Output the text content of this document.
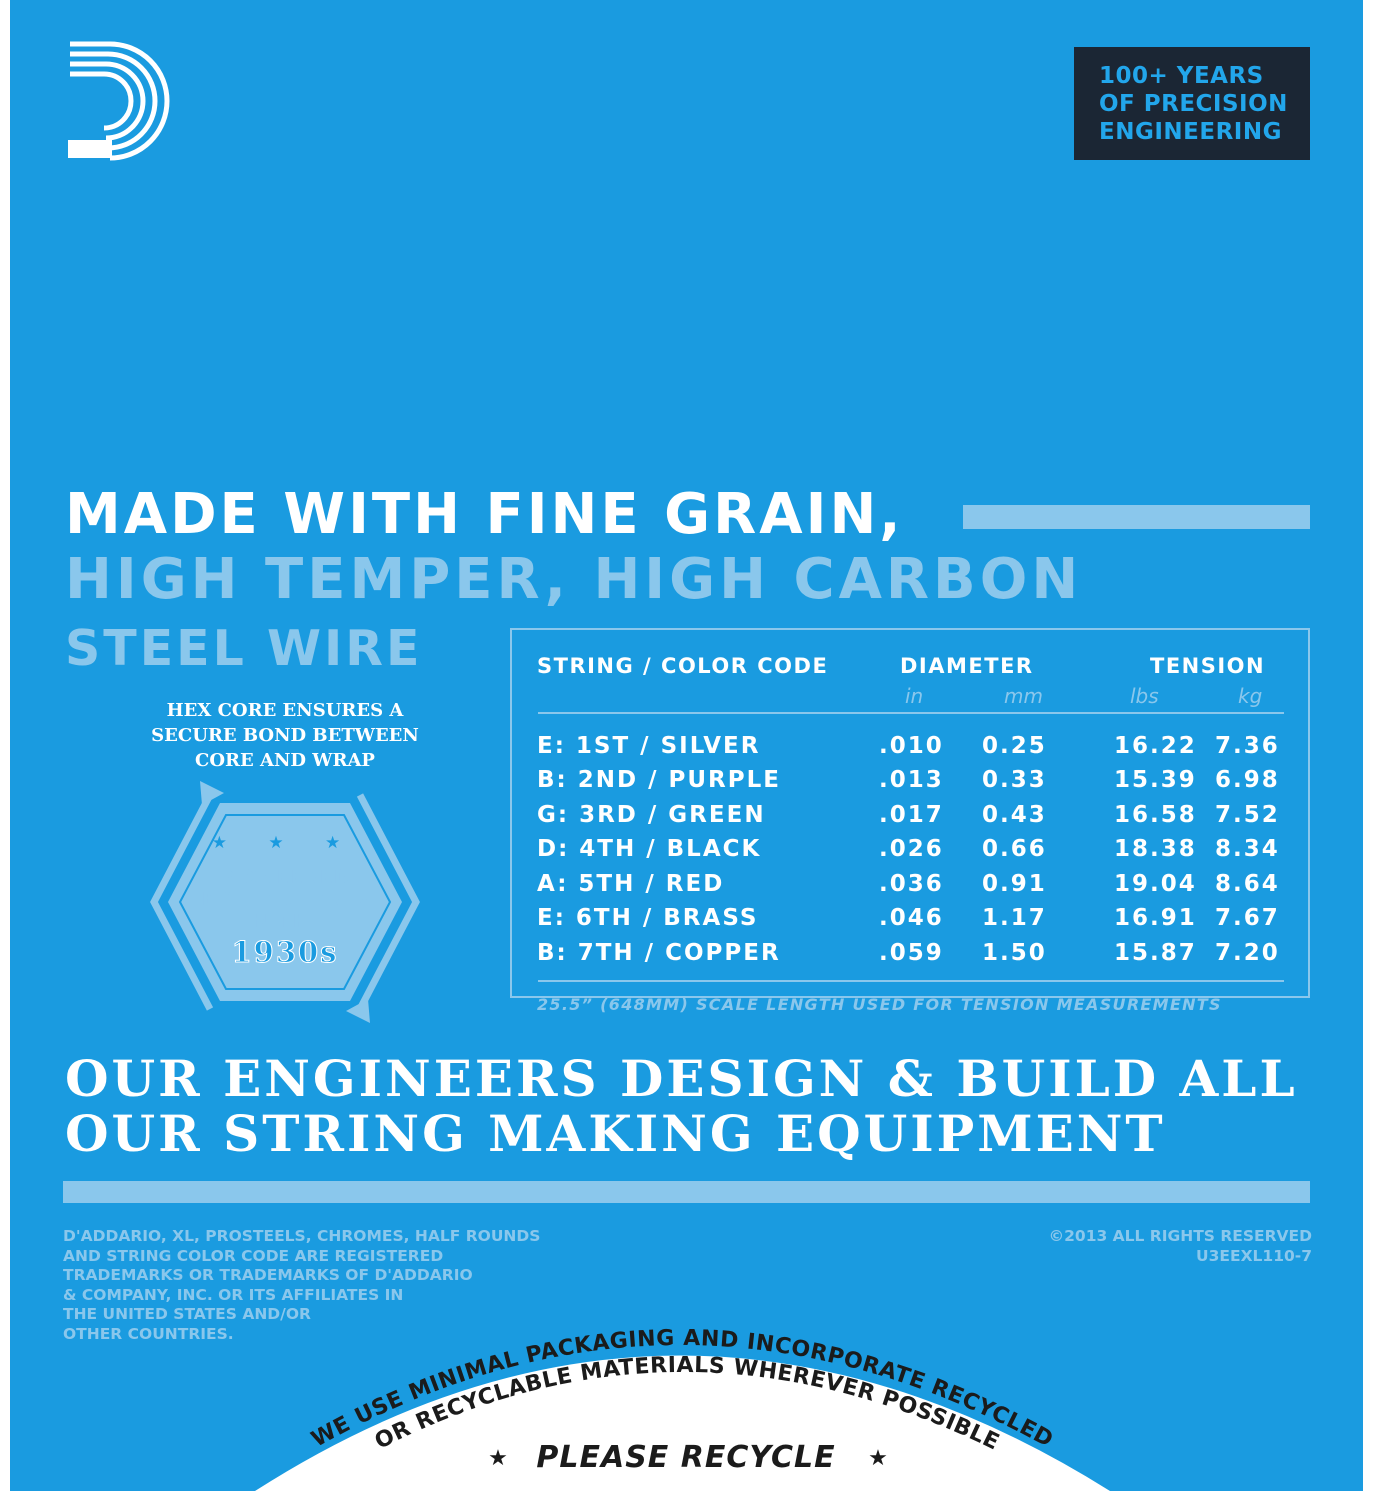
100+ YEARS
OF PRECISION
ENGINEERING
MADE WITH FINE GRAIN,
HIGH TEMPER, HIGH CARBON
STEEL WIRE
HEX CORE ENSURES A
SECURE BOND BETWEEN
CORE AND WRAP
★ ★ ★
PIONEERED
BY D'ADDARIO
IN THE
1930s
STRING / COLOR CODE	DIAMETER	TENSION
in	mm	lbs	kg
E: 1ST / SILVER	.010 0.25	16.22 7.36
B: 2ND / PURPLE	.013 0.33	15.39 6.98
G: 3RD / GREEN	.017 0.43	16.58 7.52
D: 4TH / BLACK	.026 0.66	18.38 8.34
A: 5TH / RED	.036 0.91	19.04 8.64
E: 6TH / BRASS	.046 1.17	16.91 7.67
B: 7TH / COPPER	.059 1.50	15.87 7.20
25.5” (648MM) SCALE LENGTH USED FOR TENSION MEASUREMENTS
OUR ENGINEERS DESIGN & BUILD ALL
OUR STRING MAKING EQUIPMENT
D'ADDARIO, XL, PROSTEELS, CHROMES, HALF ROUNDS
AND STRING COLOR CODE ARE REGISTERED
TRADEMARKS OR TRADEMARKS OF D'ADDARIO
& COMPANY, INC. OR ITS AFFILIATES IN
THE UNITED STATES AND/OR
OTHER COUNTRIES.
©2013 ALL RIGHTS RESERVED
U3EEXL110-7
WE USE MINIMAL PACKAGING AND INCORPORATE RECYCLED
OR RECYCLABLE MATERIALS WHEREVER POSSIBLE
★ PLEASE RECYCLE ★
